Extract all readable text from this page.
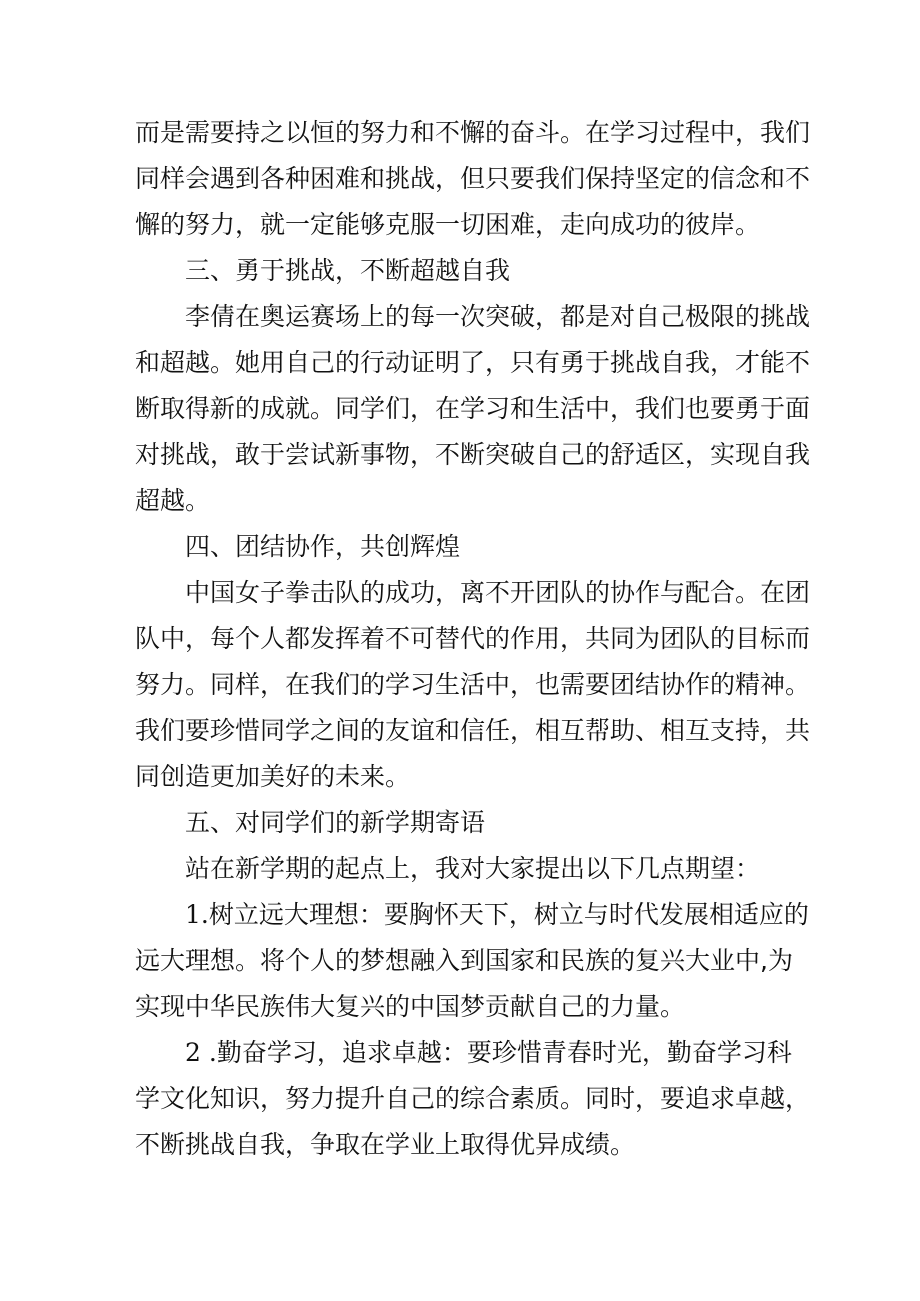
而是需要持之以恒的努力和不懈的奋斗。在学习过程中，我们同样会遇到各种困难和挑战，但只要我们保持坚定的信念和不懈的努力，就一定能够克服一切困难，走向成功的彼岸。

三、勇于挑战，不断超越自我

李倩在奥运赛场上的每一次突破，都是对自己极限的挑战和超越。她用自己的行动证明了，只有勇于挑战自我，才能不断取得新的成就。同学们，在学习和生活中，我们也要勇于面对挑战，敢于尝试新事物，不断突破自己的舒适区，实现自我超越。

四、团结协作，共创辉煌

中国女子拳击队的成功，离不开团队的协作与配合。在团队中，每个人都发挥着不可替代的作用，共同为团队的目标而努力。同样，在我们的学习生活中，也需要团结协作的精神。我们要珍惜同学之间的友谊和信任，相互帮助、相互支持，共同创造更加美好的未来。

五、对同学们的新学期寄语

站在新学期的起点上，我对大家提出以下几点期望：

1.树立远大理想：要胸怀天下，树立与时代发展相适应的远大理想。将个人的梦想融入到国家和民族的复兴大业中,为实现中华民族伟大复兴的中国梦贡献自己的力量。

2 .勤奋学习，追求卓越：要珍惜青春时光，勤奋学习科学文化知识，努力提升自己的综合素质。同时，要追求卓越，不断挑战自我，争取在学业上取得优异成绩。
